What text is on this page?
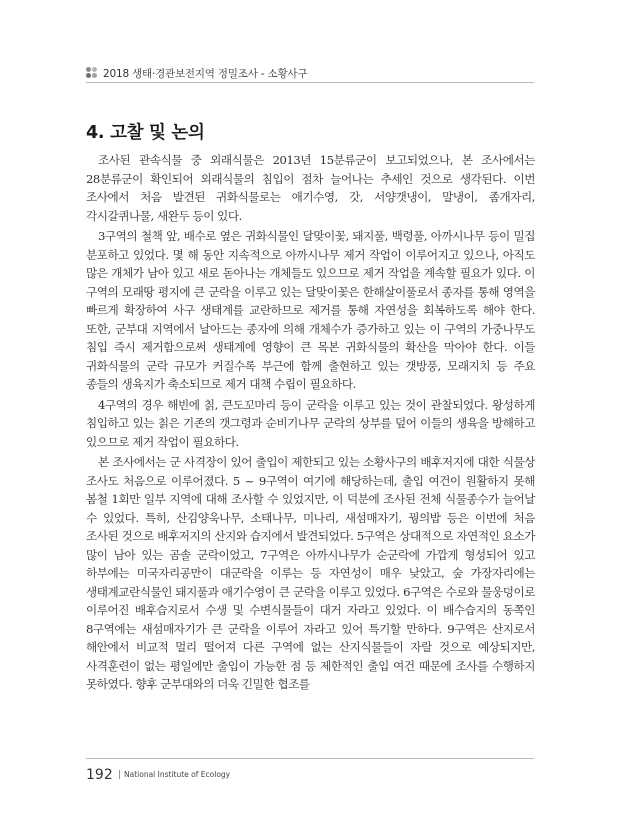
2018 생태·경관보전지역 정밀조사 - 소황사구
4. 고찰 및 논의

조사된 관속식물 중 외래식물은 2013년 15분류군이 보고되었으나, 본 조사에서는 28분류군이 확인되어 외래식물의 침입이 점차 늘어나는 추세인 것으로 생각된다. 이번 조사에서 처음 발견된 귀화식물로는 애기수영, 갓, 서양갯냉이, 말냉이, 좀개자리, 각시갈퀴나물, 새완두 등이 있다.

3구역의 철책 앞, 배수로 옆은 귀화식물인 달맞이꽃, 돼지풀, 백령풀, 아까시나무 등이 밀집 분포하고 있었다. 몇 해 동안 지속적으로 아까시나무 제거 작업이 이루어지고 있으나, 아직도 많은 개체가 남아 있고 새로 돋아나는 개체들도 있으므로 제거 작업을 계속할 필요가 있다. 이 구역의 모래땅 평지에 큰 군락을 이루고 있는 달맞이꽃은 한해살이풀로서 종자를 통해 영역을 빠르게 확장하여 사구 생태계를 교란하므로 제거를 통해 자연성을 회복하도록 해야 한다. 또한, 군부대 지역에서 날아드는 종자에 의해 개체수가 증가하고 있는 이 구역의 가중나무도 침입 즉시 제거함으로써 생태계에 영향이 큰 목본 귀화식물의 확산을 막아야 한다. 이들 귀화식물의 군락 규모가 커질수록 부근에 함께 출현하고 있는 갯방풍, 모래지치 등 주요 종들의 생육지가 축소되므로 제거 대책 수립이 필요하다.

4구역의 경우 해빈에 칡, 큰도꼬마리 등이 군락을 이루고 있는 것이 관찰되었다. 왕성하게 침입하고 있는 칡은 기존의 갯그령과 순비기나무 군락의 상부를 덮어 이들의 생육을 방해하고 있으므로 제거 작업이 필요하다.

본 조사에서는 군 사격장이 있어 출입이 제한되고 있는 소황사구의 배후저지에 대한 식물상 조사도 처음으로 이루어졌다. 5 ~ 9구역이 여기에 해당하는데, 출입 여건이 원활하지 못해 봄철 1회만 일부 지역에 대해 조사할 수 있었지만, 이 덕분에 조사된 전체 식물종수가 늘어날 수 있었다. 특히, 산김양욱나무, 소태나무, 미나리, 새섬매자기, 꿩의밥 등은 이번에 처음 조사된 것으로 배후저지의 산지와 습지에서 발견되었다. 5구역은 상대적으로 자연적인 요소가 많이 남아 있는 곰솔 군락이었고, 7구역은 아까시나무가 순군락에 가깝게 형성되어 있고 하부에는 미국자리공만이 대군락을 이루는 등 자연성이 매우 낮았고, 숲 가장자리에는 생태계교란식물인 돼지풀과 애기수영이 큰 군락을 이루고 있었다. 6구역은 수로와 물웅덩이로 이루어진 배후습지로서 수생 및 수변식물들이 대거 자라고 있었다. 이 배수습지의 동쪽인 8구역에는 새섬매자기가 큰 군락을 이루어 자라고 있어 특기할 만하다. 9구역은 산지로서 해안에서 비교적 멀리 떨어져 다른 구역에 없는 산지식물들이 자랄 것으로 예상되지만, 사격훈련이 없는 평일에만 출입이 가능한 점 등 제한적인 출입 여건 때문에 조사를 수행하지 못하였다. 향후 군부대와의 더욱 긴밀한 협조를

192 National Institute of Ecology
